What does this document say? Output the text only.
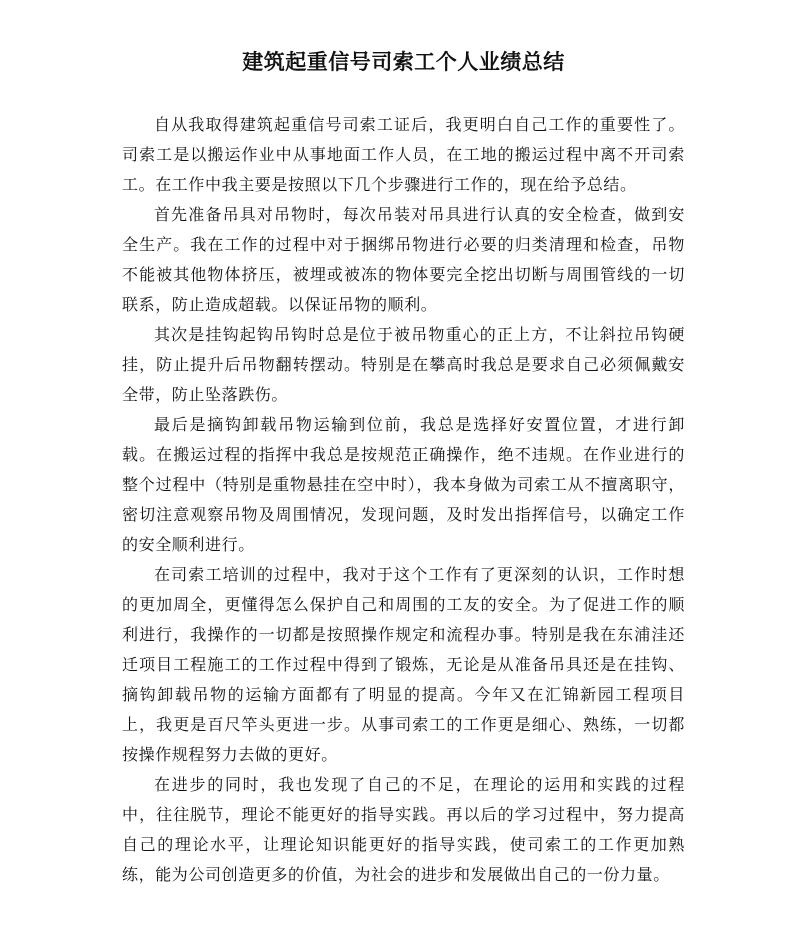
建筑起重信号司索工个人业绩总结

自从我取得建筑起重信号司索工证后，我更明白自己工作的重要性了。司索工是以搬运作业中从事地面工作人员，在工地的搬运过程中离不开司索工。在工作中我主要是按照以下几个步骤进行工作的，现在给予总结。

首先准备吊具对吊物时，每次吊装对吊具进行认真的安全检查，做到安全生产。我在工作的过程中对于捆绑吊物进行必要的归类清理和检查，吊物不能被其他物体挤压，被埋或被冻的物体要完全挖出切断与周围管线的一切联系，防止造成超载。以保证吊物的顺利。

其次是挂钩起钩吊钩时总是位于被吊物重心的正上方，不让斜拉吊钩硬挂，防止提升后吊物翻转摆动。特别是在攀高时我总是要求自己必须佩戴安全带，防止坠落跌伤。

最后是摘钩卸载吊物运输到位前，我总是选择好安置位置，才进行卸载。在搬运过程的指挥中我总是按规范正确操作，绝不违规。在作业进行的整个过程中（特别是重物悬挂在空中时），我本身做为司索工从不擅离职守，密切注意观察吊物及周围情况，发现问题，及时发出指挥信号，以确定工作的安全顺利进行。

在司索工培训的过程中，我对于这个工作有了更深刻的认识，工作时想的更加周全，更懂得怎么保护自己和周围的工友的安全。为了促进工作的顺利进行，我操作的一切都是按照操作规定和流程办事。特别是我在东浦洼还迁项目工程施工的工作过程中得到了锻炼，无论是从准备吊具还是在挂钩、摘钩卸载吊物的运输方面都有了明显的提高。今年又在汇锦新园工程项目上，我更是百尺竿头更进一步。从事司索工的工作更是细心、熟练，一切都按操作规程努力去做的更好。

在进步的同时，我也发现了自己的不足，在理论的运用和实践的过程中，往往脱节，理论不能更好的指导实践。再以后的学习过程中，努力提高自己的理论水平，让理论知识能更好的指导实践，使司索工的工作更加熟练，能为公司创造更多的价值，为社会的进步和发展做出自己的一份力量。
